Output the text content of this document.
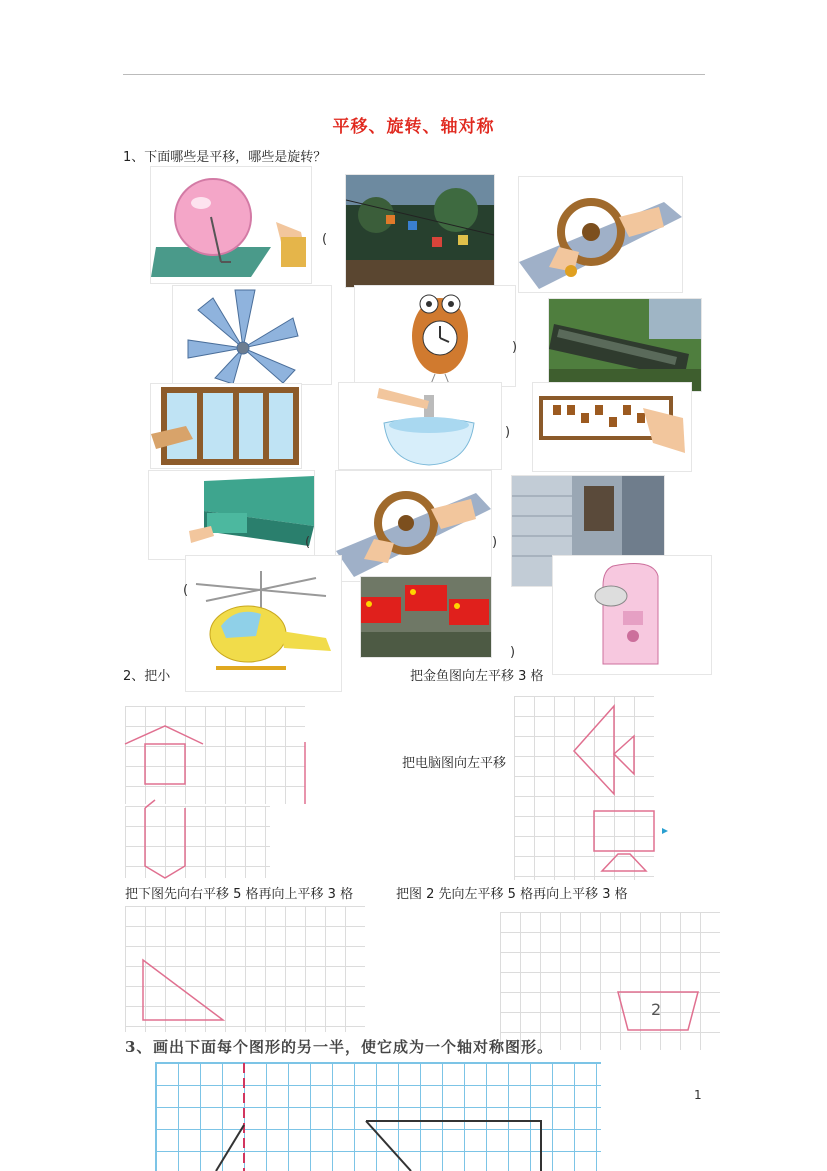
平移、旋转、轴对称
1、下面哪些是平移，哪些是旋转？
(
)
)
(	)
(
)
2、把小	把金鱼图向左平移 3 格
把电脑图向左平移
把下图先向右平移 5 格再向上平移 3 格	把图 2 先向左平移 5 格再向上平移 3 格
2
3、 画出下面每个图形的另一半，使它成为一个轴对称图形。
1
